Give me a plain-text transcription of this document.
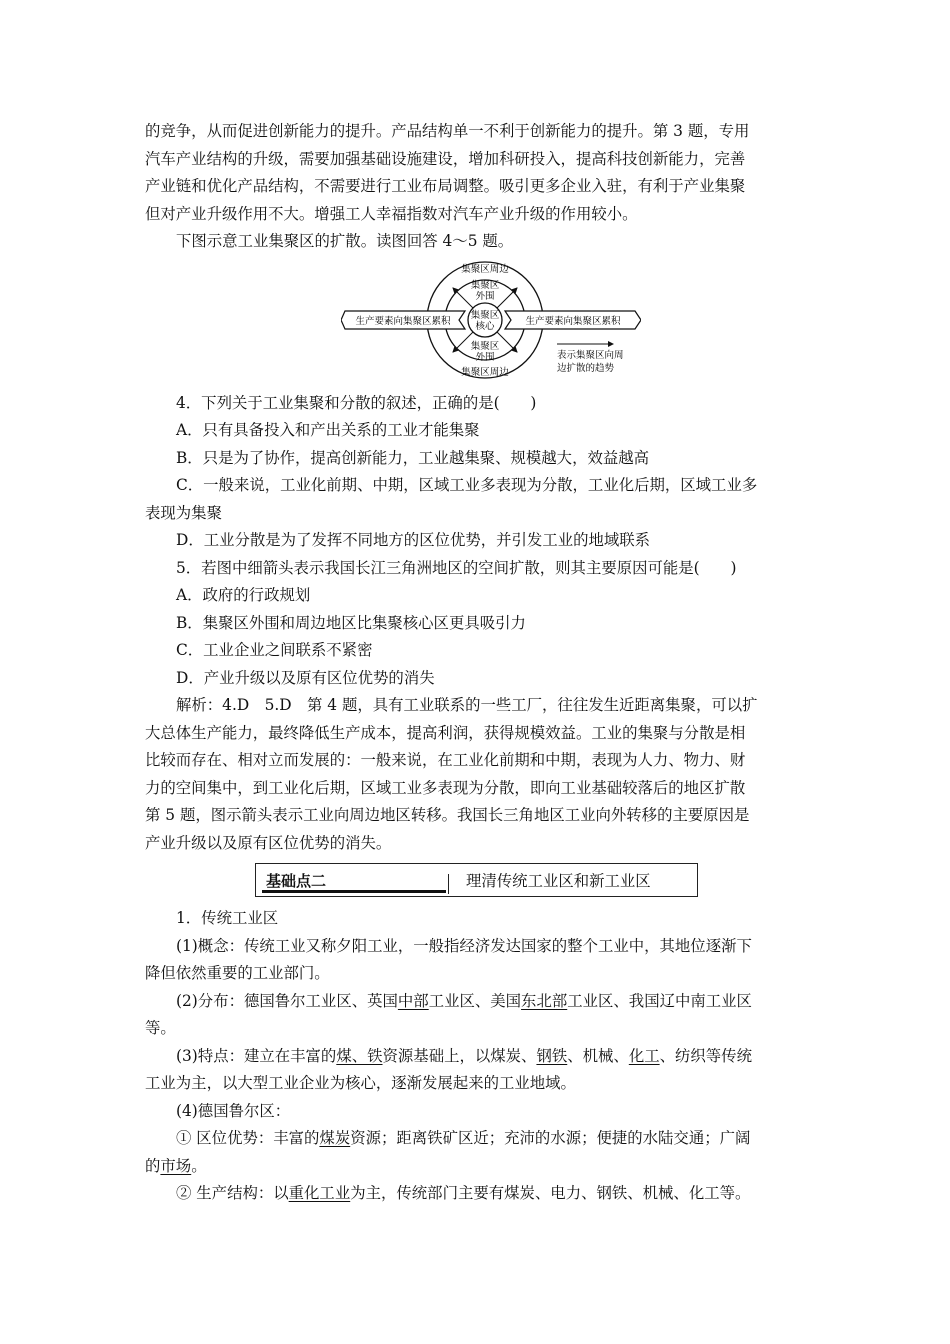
的竞争，从而促进创新能力的提升。产品结构单一不利于创新能力的提升。第 3 题，专用

汽车产业结构的升级，需要加强基础设施建设，增加科研投入，提高科技创新能力，完善

产业链和优化产品结构，不需要进行工业布局调整。吸引更多企业入驻，有利于产业集聚

但对产业升级作用不大。增强工人幸福指数对汽车产业升级的作用较小。

下图示意工业集聚区的扩散。读图回答 4～5 题。

集聚区周边
集聚区
外围
集聚区
核心
集聚区
外围
集聚区周边
生产要素向集聚区累积	生产要素向集聚区累积
表示集聚区向周
边扩散的趋势

4．下列关于工业集聚和分散的叙述，正确的是(　　)

A．只有具备投入和产出关系的工业才能集聚

B．只是为了协作，提高创新能力，工业越集聚、规模越大，效益越高

C．一般来说，工业化前期、中期，区域工业多表现为分散，工业化后期，区域工业多

表现为集聚

D．工业分散是为了发挥不同地方的区位优势，并引发工业的地域联系

5．若图中细箭头表示我国长江三角洲地区的空间扩散，则其主要原因可能是(　　)

A．政府的行政规划

B．集聚区外围和周边地区比集聚核心区更具吸引力

C．工业企业之间联系不紧密

D．产业升级以及原有区位优势的消失

解析：4.D　5.D　第 4 题，具有工业联系的一些工厂，往往发生近距离集聚，可以扩

大总体生产能力，最终降低生产成本，提高利润，获得规模效益。工业的集聚与分散是相

比较而存在、相对立而发展的：一般来说，在工业化前期和中期，表现为人力、物力、财

力的空间集中，到工业化后期，区域工业多表现为分散，即向工业基础较落后的地区扩散

第 5 题，图示箭头表示工业向周边地区转移。我国长三角地区工业向外转移的主要原因是

产业升级以及原有区位优势的消失。

基础点二	理清传统工业区和新工业区

1．传统工业区

(1)概念：传统工业又称夕阳工业，一般指经济发达国家的整个工业中，其地位逐渐下

降但依然重要的工业部门。

(2)分布：德国鲁尔工业区、英国中部工业区、美国东北部工业区、我国辽中南工业区

等。

(3)特点：建立在丰富的煤、铁资源基础上，以煤炭、钢铁、机械、化工、纺织等传统

工业为主，以大型工业企业为核心，逐渐发展起来的工业地域。

(4)德国鲁尔区：

① 区位优势：丰富的煤炭资源；距离铁矿区近；充沛的水源；便捷的水陆交通；广阔

的市场。

② 生产结构：以重化工业为主，传统部门主要有煤炭、电力、钢铁、机械、化工等。
